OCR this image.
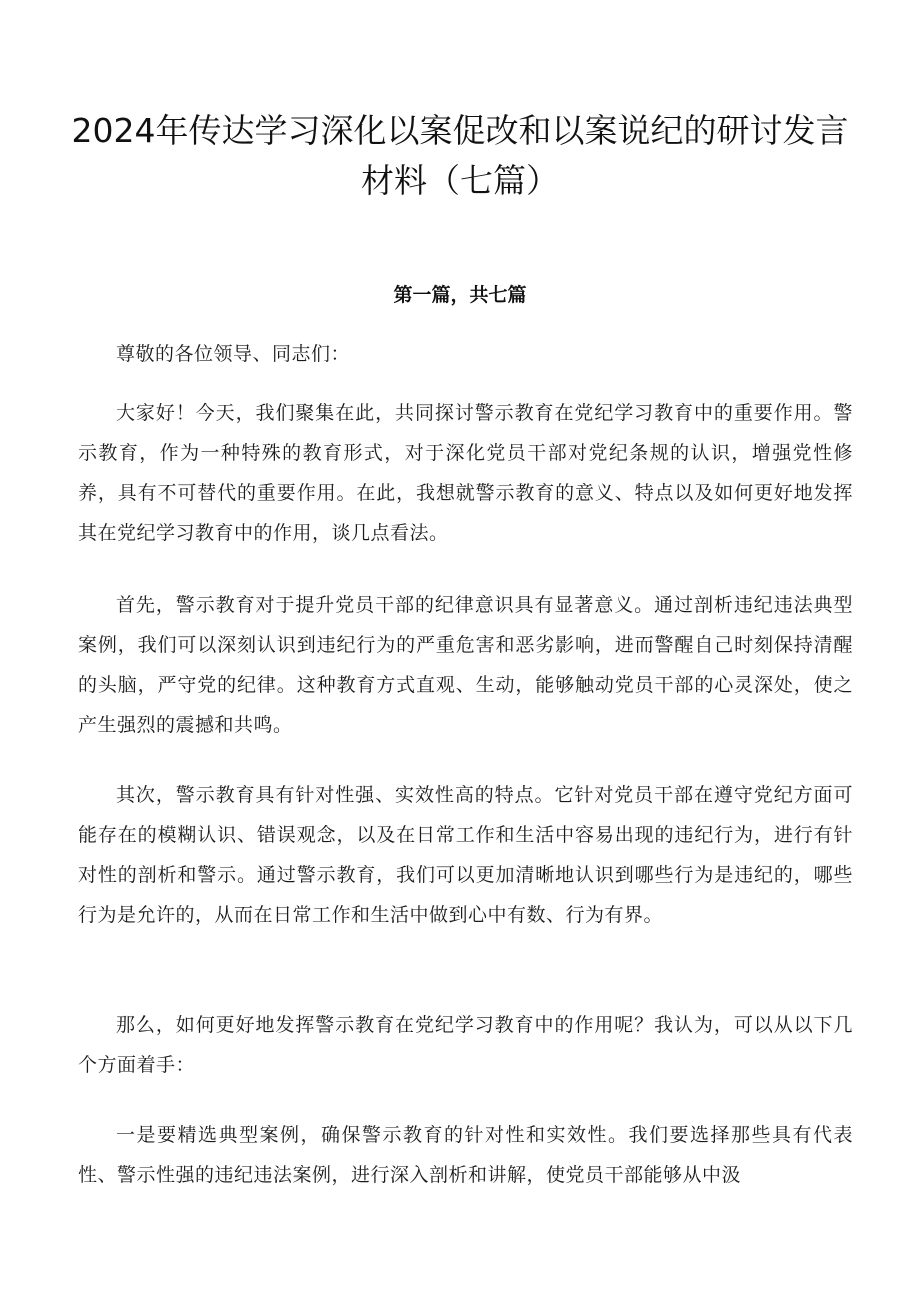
2024年传达学习深化以案促改和以案说纪的研讨发言材料（七篇）
第一篇，共七篇

尊敬的各位领导、同志们：

大家好！今天，我们聚集在此，共同探讨警示教育在党纪学习教育中的重要作用。警示教育，作为一种特殊的教育形式，对于深化党员干部对党纪条规的认识，增强党性修养，具有不可替代的重要作用。在此，我想就警示教育的意义、特点以及如何更好地发挥其在党纪学习教育中的作用，谈几点看法。

首先，警示教育对于提升党员干部的纪律意识具有显著意义。通过剖析违纪违法典型案例，我们可以深刻认识到违纪行为的严重危害和恶劣影响，进而警醒自己时刻保持清醒的头脑，严守党的纪律。这种教育方式直观、生动，能够触动党员干部的心灵深处，使之产生强烈的震撼和共鸣。

其次，警示教育具有针对性强、实效性高的特点。它针对党员干部在遵守党纪方面可能存在的模糊认识、错误观念，以及在日常工作和生活中容易出现的违纪行为，进行有针对性的剖析和警示。通过警示教育，我们可以更加清晰地认识到哪些行为是违纪的，哪些行为是允许的，从而在日常工作和生活中做到心中有数、行为有界。

那么，如何更好地发挥警示教育在党纪学习教育中的作用呢？我认为，可以从以下几个方面着手：

一是要精选典型案例，确保警示教育的针对性和实效性。我们要选择那些具有代表性、警示性强的违纪违法案例，进行深入剖析和讲解，使党员干部能够从中汲
